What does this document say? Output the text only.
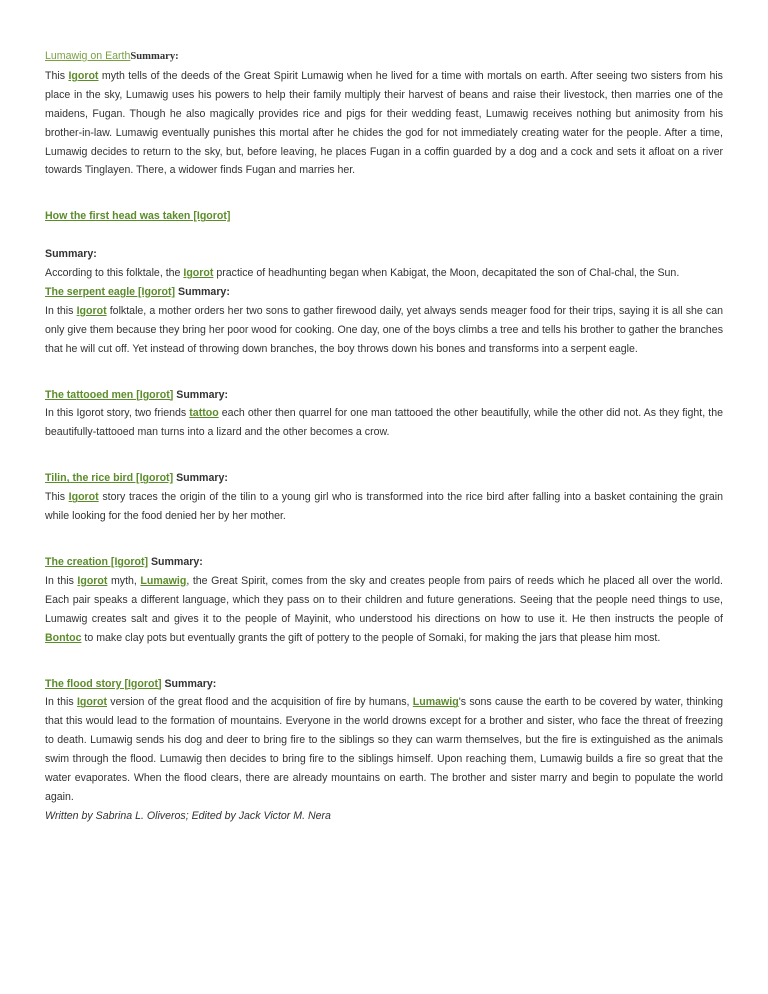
Lumawig on EarthSummary:

This Igorot myth tells of the deeds of the Great Spirit Lumawig when he lived for a time with mortals on earth. After seeing two sisters from his place in the sky, Lumawig uses his powers to help their family multiply their harvest of beans and raise their livestock, then marries one of the maidens, Fugan. Though he also magically provides rice and pigs for their wedding feast, Lumawig receives nothing but animosity from his brother-in-law. Lumawig eventually punishes this mortal after he chides the god for not immediately creating water for the people. After a time, Lumawig decides to return to the sky, but, before leaving, he places Fugan in a coffin guarded by a dog and a cock and sets it afloat on a river towards Tinglayen. There, a widower finds Fugan and marries her.

How the first head was taken [Igorot]

Summary:

According to this folktale, the Igorot practice of headhunting began when Kabigat, the Moon, decapitated the son of Chal-chal, the Sun.

The serpent eagle [Igorot] Summary:

In this Igorot folktale, a mother orders her two sons to gather firewood daily, yet always sends meager food for their trips, saying it is all she can only give them because they bring her poor wood for cooking. One day, one of the boys climbs a tree and tells his brother to gather the branches that he will cut off. Yet instead of throwing down branches, the boy throws down his bones and transforms into a serpent eagle.

The tattooed men [Igorot] Summary:

In this Igorot story, two friends tattoo each other then quarrel for one man tattooed the other beautifully, while the other did not. As they fight, the beautifully-tattooed man turns into a lizard and the other becomes a crow.

Tilin, the rice bird [Igorot] Summary:

This Igorot story traces the origin of the tilin to a young girl who is transformed into the rice bird after falling into a basket containing the grain while looking for the food denied her by her mother.

The creation [Igorot] Summary:

In this Igorot myth, Lumawig, the Great Spirit, comes from the sky and creates people from pairs of reeds which he placed all over the world. Each pair speaks a different language, which they pass on to their children and future generations. Seeing that the people need things to use, Lumawig creates salt and gives it to the people of Mayinit, who understood his directions on how to use it. He then instructs the people of Bontoc to make clay pots but eventually grants the gift of pottery to the people of Somaki, for making the jars that please him most.

The flood story [Igorot] Summary:

In this Igorot version of the great flood and the acquisition of fire by humans, Lumawig's sons cause the earth to be covered by water, thinking that this would lead to the formation of mountains. Everyone in the world drowns except for a brother and sister, who face the threat of freezing to death. Lumawig sends his dog and deer to bring fire to the siblings so they can warm themselves, but the fire is extinguished as the animals swim through the flood. Lumawig then decides to bring fire to the siblings himself. Upon reaching them, Lumawig builds a fire so great that the water evaporates. When the flood clears, there are already mountains on earth. The brother and sister marry and begin to populate the world again.

Written by Sabrina L. Oliveros; Edited by Jack Victor M. Nera
